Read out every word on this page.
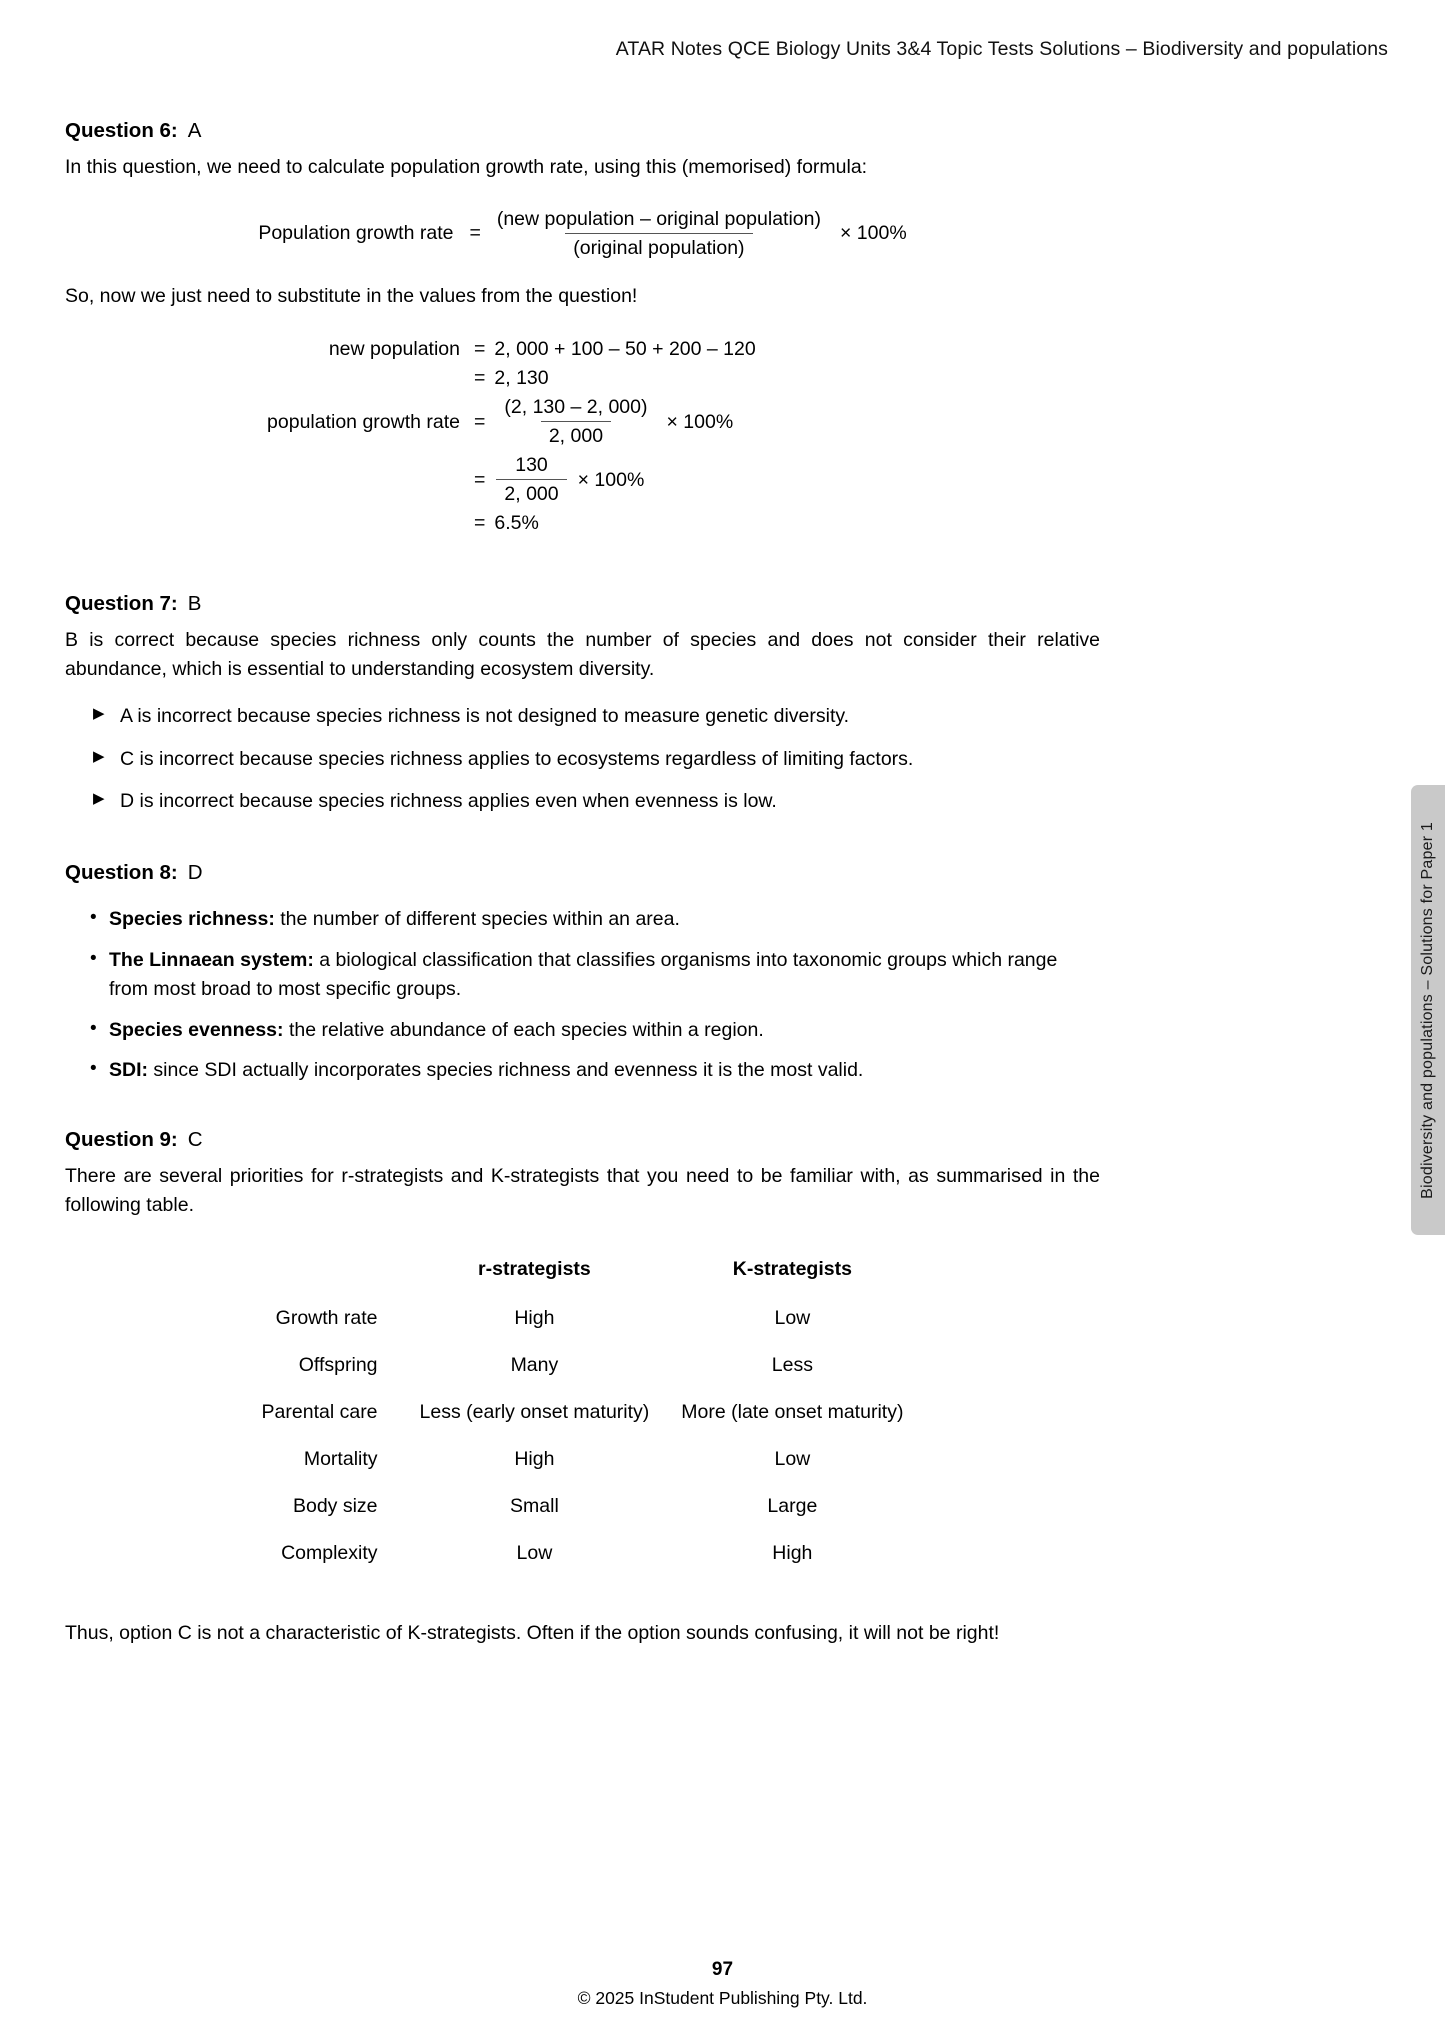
ATAR Notes QCE Biology Units 3&4 Topic Tests Solutions – Biodiversity and populations
Biodiversity and populations – Solutions for Paper 1

Question 6: A

In this question, we need to calculate population growth rate, using this (memorised) formula:

Population growth rate = $\frac{\text{(new population – original population)}}{\text{(original population)}} \times 100\%$

So, now we just need to substitute in the values from the question!

new population = 2, 000 + 100 – 50 + 200 – 120
= 2, 130
population growth rate = $\frac{(2, 130 - 2, 000)}{2, 000} \times 100\%$
= $\frac{130}{2, 000} \times 100\%$
= 6.5%

Question 7: B

B is correct because species richness only counts the number of species and does not consider their relative abundance, which is essential to understanding ecosystem diversity.

▶ A is incorrect because species richness is not designed to measure genetic diversity.
▶ C is incorrect because species richness applies to ecosystems regardless of limiting factors.
▶ D is incorrect because species richness applies even when evenness is low.

Question 8: D

• Species richness: the number of different species within an area.
• The Linnaean system: a biological classification that classifies organisms into taxonomic groups which range from most broad to most specific groups.
• Species evenness: the relative abundance of each species within a region.
• SDI: since SDI actually incorporates species richness and evenness it is the most valid.

Question 9: C

There are several priorities for r-strategists and K-strategists that you need to be familiar with, as summarised in the following table.

	r-strategists	K-strategists
Growth rate	High	Low
Offspring	Many	Less
Parental care	Less (early onset maturity)	More (late onset maturity)
Mortality	High	Low
Body size	Small	Large
Complexity	Low	High

Thus, option C is not a characteristic of K-strategists. Often if the option sounds confusing, it will not be right!

97
© 2025 InStudent Publishing Pty. Ltd.
